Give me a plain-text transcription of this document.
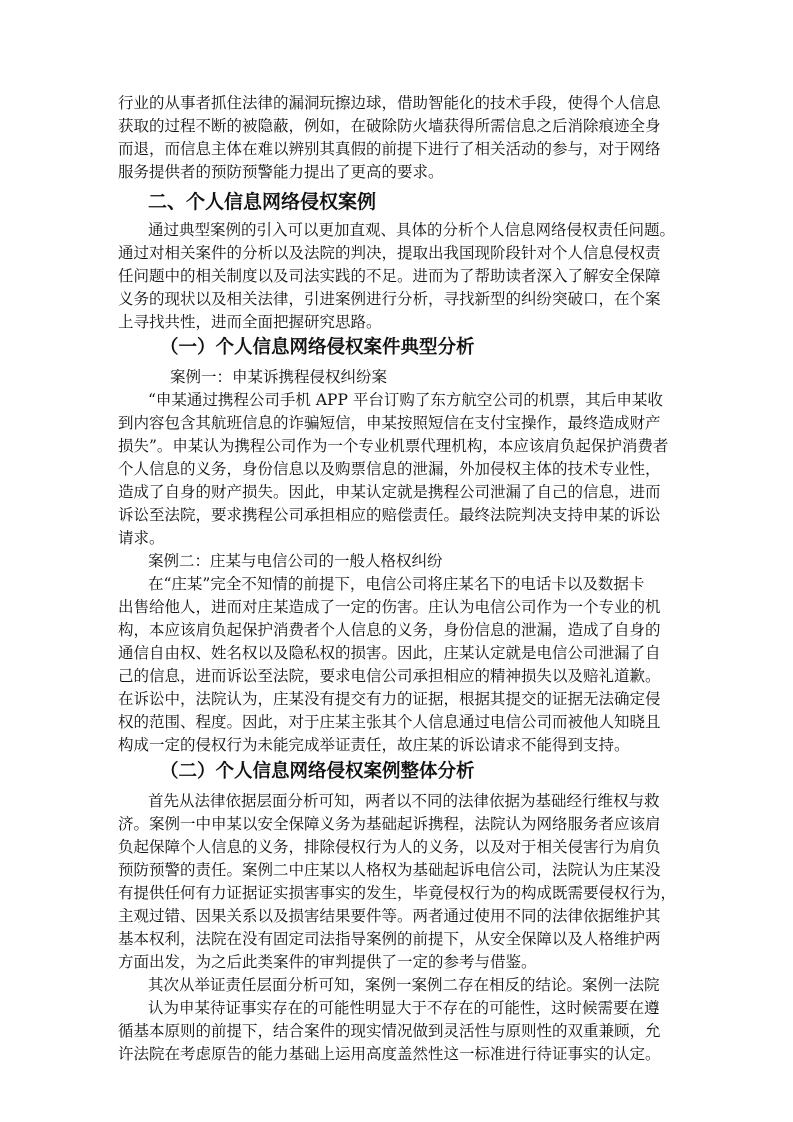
行业的从事者抓住法律的漏洞玩擦边球，借助智能化的技术手段，使得个人信息
获取的过程不断的被隐蔽，例如，在破除防火墙获得所需信息之后消除痕迹全身
而退，而信息主体在难以辨别其真假的前提下进行了相关活动的参与，对于网络
服务提供者的预防预警能力提出了更高的要求。
二、个人信息网络侵权案例
通过典型案例的引入可以更加直观、具体的分析个人信息网络侵权责任问题。
通过对相关案件的分析以及法院的判决，提取出我国现阶段针对个人信息侵权责
任问题中的相关制度以及司法实践的不足。进而为了帮助读者深入了解安全保障
义务的现状以及相关法律，引进案例进行分析，寻找新型的纠纷突破口，在个案
上寻找共性，进而全面把握研究思路。
（一）个人信息网络侵权案件典型分析
案例一：申某诉携程侵权纠纷案
“申某通过携程公司手机 APP 平台订购了东方航空公司的机票，其后申某收
到内容包含其航班信息的诈骗短信，申某按照短信在支付宝操作，最终造成财产
损失”。申某认为携程公司作为一个专业机票代理机构，本应该肩负起保护消费者
个人信息的义务，身份信息以及购票信息的泄漏，外加侵权主体的技术专业性，
造成了自身的财产损失。因此，申某认定就是携程公司泄漏了自己的信息，进而
诉讼至法院，要求携程公司承担相应的赔偿责任。最终法院判决支持申某的诉讼
请求。
案例二：庄某与电信公司的一般人格权纠纷
在“庄某”完全不知情的前提下，电信公司将庄某名下的电话卡以及数据卡
出售给他人，进而对庄某造成了一定的伤害。庄认为电信公司作为一个专业的机
构，本应该肩负起保护消费者个人信息的义务，身份信息的泄漏，造成了自身的
通信自由权、姓名权以及隐私权的损害。因此，庄某认定就是电信公司泄漏了自
己的信息，进而诉讼至法院，要求电信公司承担相应的精神损失以及赔礼道歉。
在诉讼中，法院认为，庄某没有提交有力的证据，根据其提交的证据无法确定侵
权的范围、程度。因此，对于庄某主张其个人信息通过电信公司而被他人知晓且
构成一定的侵权行为未能完成举证责任，故庄某的诉讼请求不能得到支持。
（二）个人信息网络侵权案例整体分析
首先从法律依据层面分析可知，两者以不同的法律依据为基础经行维权与救
济。案例一中申某以安全保障义务为基础起诉携程，法院认为网络服务者应该肩
负起保障个人信息的义务，排除侵权行为人的义务，以及对于相关侵害行为肩负
预防预警的责任。案例二中庄某以人格权为基础起诉电信公司，法院认为庄某没
有提供任何有力证据证实损害事实的发生，毕竟侵权行为的构成既需要侵权行为，
主观过错、因果关系以及损害结果要件等。两者通过使用不同的法律依据维护其
基本权利，法院在没有固定司法指导案例的前提下，从安全保障以及人格维护两
方面出发，为之后此类案件的审判提供了一定的参考与借鉴。
其次从举证责任层面分析可知，案例一案例二存在相反的结论。案例一法院
认为申某待证事实存在的可能性明显大于不存在的可能性，这时候需要在遵
循基本原则的前提下，结合案件的现实情况做到灵活性与原则性的双重兼顾，允
许法院在考虑原告的能力基础上运用高度盖然性这一标准进行待证事实的认定。
